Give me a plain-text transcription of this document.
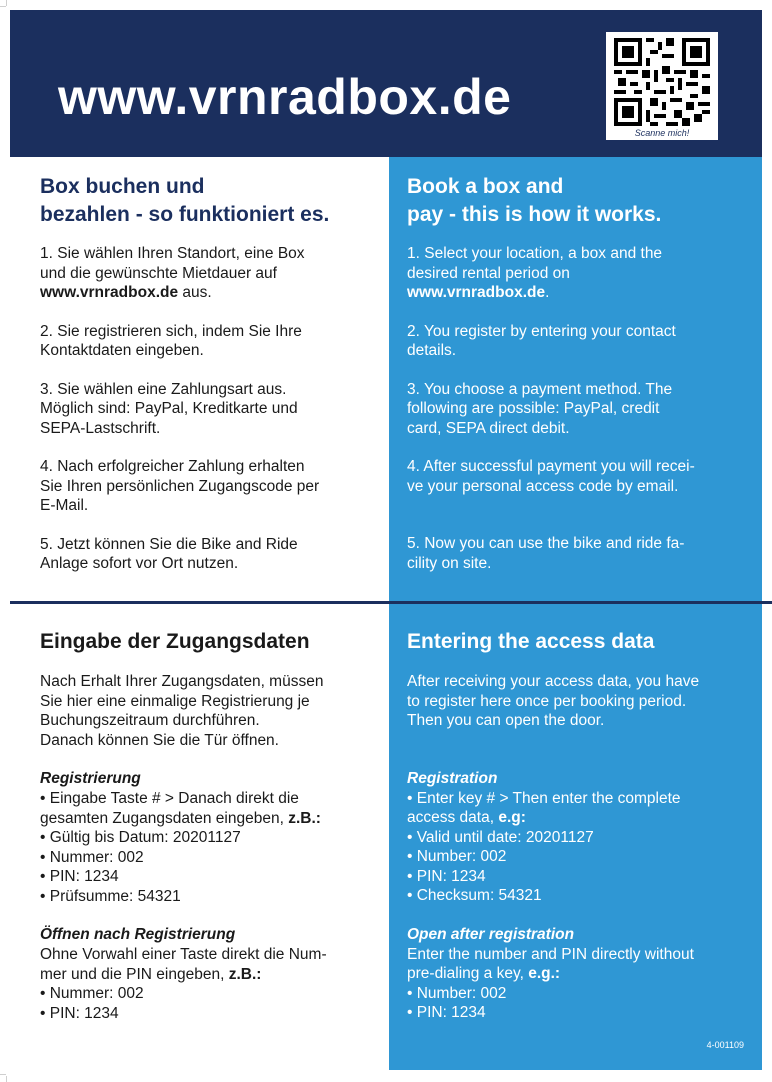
www.vrnradbox.de
Scanne mich!
Box buchen und
bezahlen - so funktioniert es.
1. Sie wählen Ihren Standort, eine Box
und die gewünschte Mietdauer auf
www.vrnradbox.de aus.
2. Sie registrieren sich, indem Sie Ihre
Kontaktdaten eingeben.
3. Sie wählen eine Zahlungsart aus.
Möglich sind: PayPal, Kreditkarte und
SEPA-Lastschrift.
4. Nach erfolgreicher Zahlung erhalten
Sie Ihren persönlichen Zugangscode per
E-Mail.
5. Jetzt können Sie die Bike and Ride
Anlage sofort vor Ort nutzen.
Book a box and
pay - this is how it works.
1. Select your location, a box and the
desired rental period on
www.vrnradbox.de.
2. You register by entering your contact
details.
3. You choose a payment method. The
following are possible: PayPal, credit
card, SEPA direct debit.
4. After successful payment you will recei-
ve your personal access code by email.
5. Now you can use the bike and ride fa-
cility on site.
Eingabe der Zugangsdaten
Nach Erhalt Ihrer Zugangsdaten, müssen
Sie hier eine einmalige Registrierung je
Buchungszeitraum durchführen.
Danach können Sie die Tür öffnen.
Registrierung
• Eingabe Taste # > Danach direkt die
gesamten Zugangsdaten eingeben, z.B.:
• Gültig bis Datum: 20201127
• Nummer: 002
• PIN: 1234
• Prüfsumme: 54321
Öffnen nach Registrierung
Ohne Vorwahl einer Taste direkt die Num-
mer und die PIN eingeben, z.B.:
• Nummer: 002
• PIN: 1234
Entering the access data
After receiving your access data, you have
to register here once per booking period.
Then you can open the door.
Registration
• Enter key # > Then enter the complete
access data, e.g:
• Valid until date: 20201127
• Number: 002
• PIN: 1234
• Checksum: 54321
Open after registration
Enter the number and PIN directly without
pre-dialing a key, e.g.:
• Number: 002
• PIN: 1234
4-001109
